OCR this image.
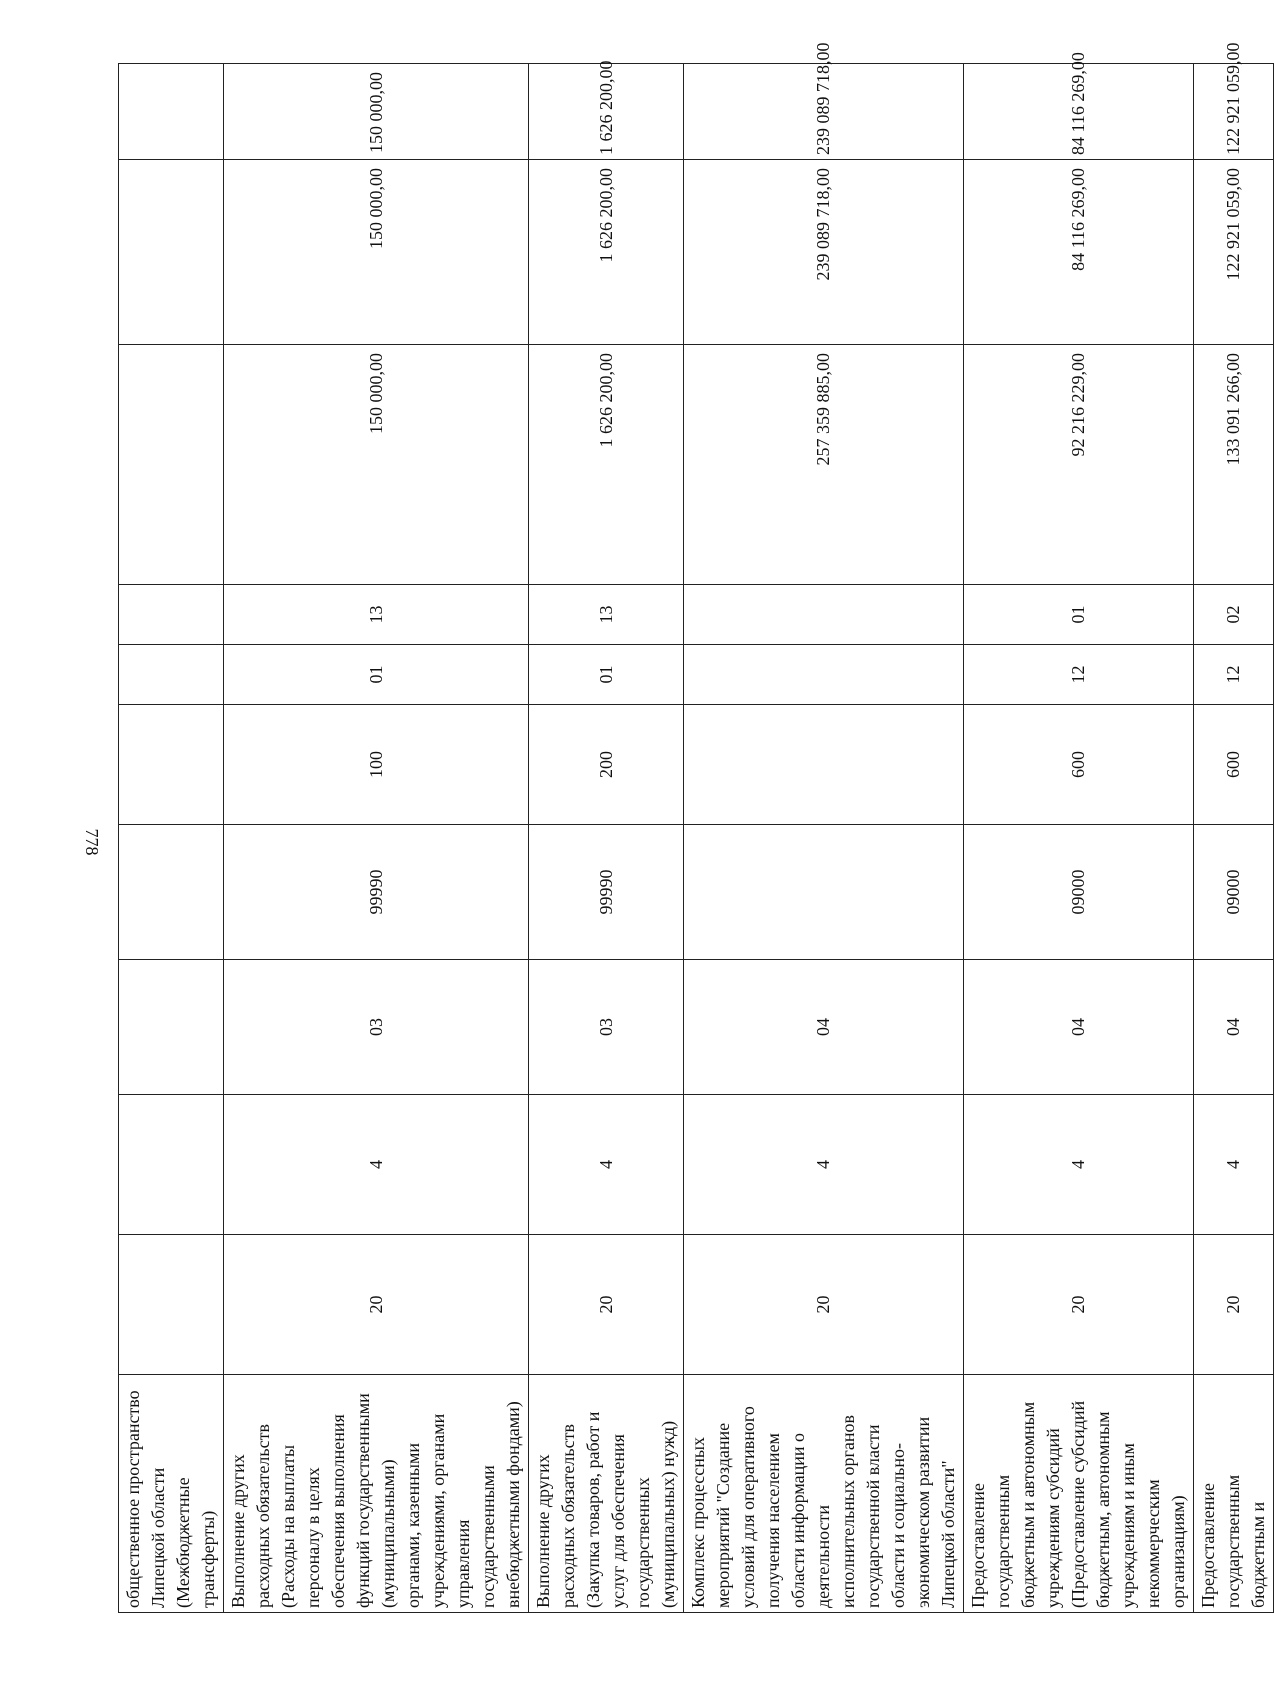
778
общественное пространство Липецкой области (Межбюджетные трансферты)										
Выполнение других расходных обязательств (Расходы на выплаты персоналу в целях обеспечения выполнения функций государственными (муниципальными) органами, казенными учреждениями, органами управления государственными внебюджетными фондами)	20	4	03	99990	100	01	13	150 000,00	150 000,00	150 000,00
Выполнение других расходных обязательств (Закупка товаров, работ и услуг для обеспечения государственных (муниципальных) нужд)	20	4	03	99990	200	01	13	1 626 200,00	1 626 200,00	1 626 200,00
Комплекс процессных мероприятий "Создание условий для оперативного получения населением области информации о деятельности исполнительных органов государственной власти области и социально-экономическом развитии Липецкой области"	20	4	04					257 359 885,00	239 089 718,00	239 089 718,00
Предоставление государственным бюджетным и автономным учреждениям субсидий (Предоставление субсидий бюджетным, автономным учреждениям и иным некоммерческим организациям)	20	4	04	09000	600	12	01	92 216 229,00	84 116 269,00	84 116 269,00
Предоставление государственным бюджетным и	20	4	04	09000	600	12	02	133 091 266,00	122 921 059,00	122 921 059,00
